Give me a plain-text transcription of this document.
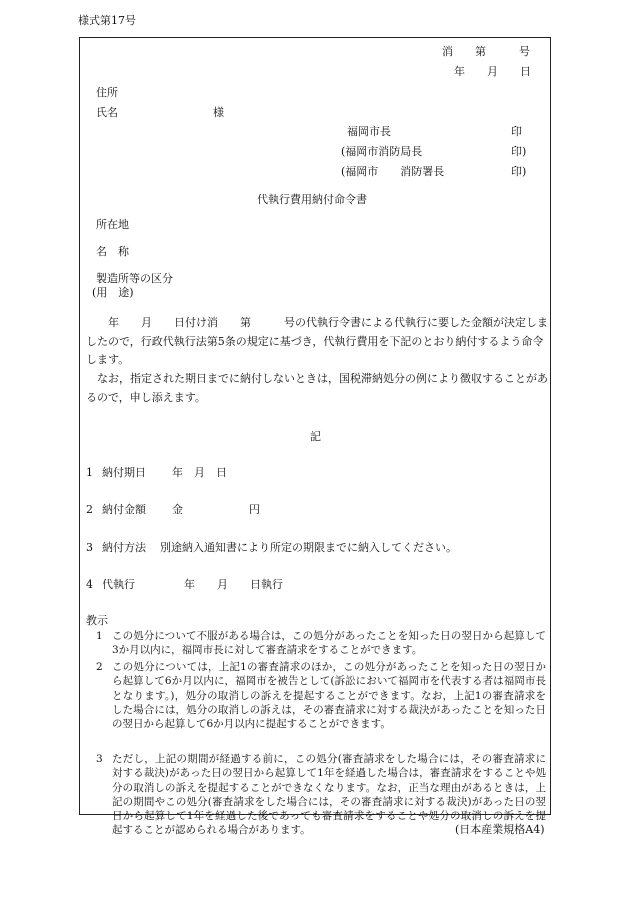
様式第17号
消　　第　　　号
年　　月　　日
住所
氏名	様
福岡市長	印
(福岡市消防局長	印)
(福岡市　　消防署長	印)
代執行費用納付命令書
所在地
名　称
製造所等の区分
(用　途)
　　年　　月　　日付け消　　第　　　号の代執行令書による代執行に要した金額が決定しましたので，行政代執行法第5条の規定に基づき，代執行費用を下記のとおり納付するよう命令します。
　なお，指定された期日までに納付しないときは，国税滞納処分の例により徴収することがあるので，申し添えます。
記
1 納付期日 年　月　日
2 納付金額 金　　　　　　円
3 納付方法 別途納入通知書により所定の期限までに納入してください。
4 代執行	年　　月　　日執行
教示
1 この処分について不服がある場合は，この処分があったことを知った日の翌日から起算して3か月以内に，福岡市長に対して審査請求をすることができます。
2 この処分については，上記1の審査請求のほか，この処分があったことを知った日の翌日から起算して6か月以内に，福岡市を被告として(訴訟において福岡市を代表する者は福岡市長となります。)，処分の取消しの訴えを提起することができます。なお，上記1の審査請求をした場合には，処分の取消しの訴えは，その審査請求に対する裁決があったことを知った日の翌日から起算して6か月以内に提起することができます。
3 ただし，上記の期間が経過する前に，この処分(審査請求をした場合には，その審査請求に対する裁決)があった日の翌日から起算して1年を経過した場合は，審査請求をすることや処分の取消しの訴えを提起することができなくなります。なお，正当な理由があるときは，上記の期間やこの処分(審査請求をした場合には，その審査請求に対する裁決)があった日の翌日から起算して1年を経過した後であっても審査請求をすることや処分の取消しの訴えを提起することが認められる場合があります。	(日本産業規格A4)
